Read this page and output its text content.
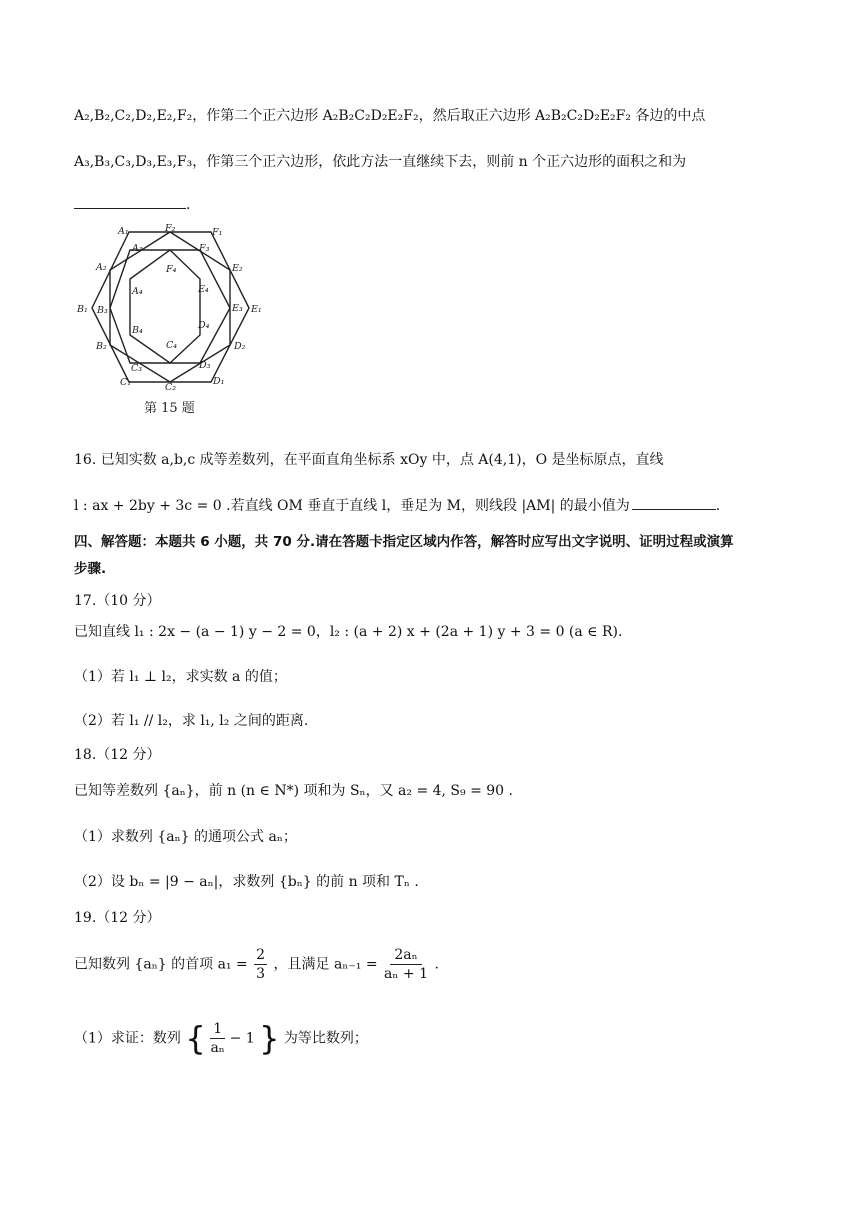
A₂,B₂,C₂,D₂,E₂,F₂，作第二个正六边形 A₂B₂C₂D₂E₂F₂，然后取正六边形 A₂B₂C₂D₂E₂F₂ 各边的中点
A₃,B₃,C₃,D₃,E₃,F₃，作第三个正六边形，依此方法一直继续下去，则前 n 个正六边形的面积之和为
.
A₁	F₂	F₁
A₃	F₃
A₂	F₄	E₂
A₄	E₄
B₁ B₃	E₃ E₁
B₄	D₄
B₂	C₄	D₂
C₃	D₃
C₁	C₂
D₁
第 15 题
16. 已知实数 a,b,c 成等差数列，在平面直角坐标系 xOy 中，点 A(4,1)，O 是坐标原点，直线
l : ax + 2by + 3c = 0 .若直线 OM 垂直于直线 l，垂足为 M，则线段 |AM| 的最小值为	.
四、解答题：本题共 6 小题，共 70 分.请在答题卡指定区域内作答，解答时应写出文字说明、证明过程或演算
步骤.
17.（10 分）
已知直线 l₁ : 2x − (a − 1) y − 2 = 0，l₂ : (a + 2) x + (2a + 1) y + 3 = 0 (a ∈ R).
（1）若 l₁ ⊥ l₂，求实数 a 的值；
（2）若 l₁ // l₂，求 l₁, l₂ 之间的距离.
18.（12 分）
已知等差数列 {aₙ}，前 n (n ∈ N*) 项和为 Sₙ，又 a₂ = 4, S₉ = 90 .
（1）求数列 {aₙ} 的通项公式 aₙ；
（2）设 bₙ = |9 − aₙ|，求数列 {bₙ} 的前 n 项和 Tₙ .
19.（12 分）
已知数列 {aₙ} 的首项 $a_1 = \frac{2}{3}$ ，且满足 $a_{n-1} = \frac{\text{2aₙ}}{\text{aₙ + 1}}$ .
（1）求证：数列 { $\frac{1}{\text{aₙ}} - 1$ } 为等比数列；
